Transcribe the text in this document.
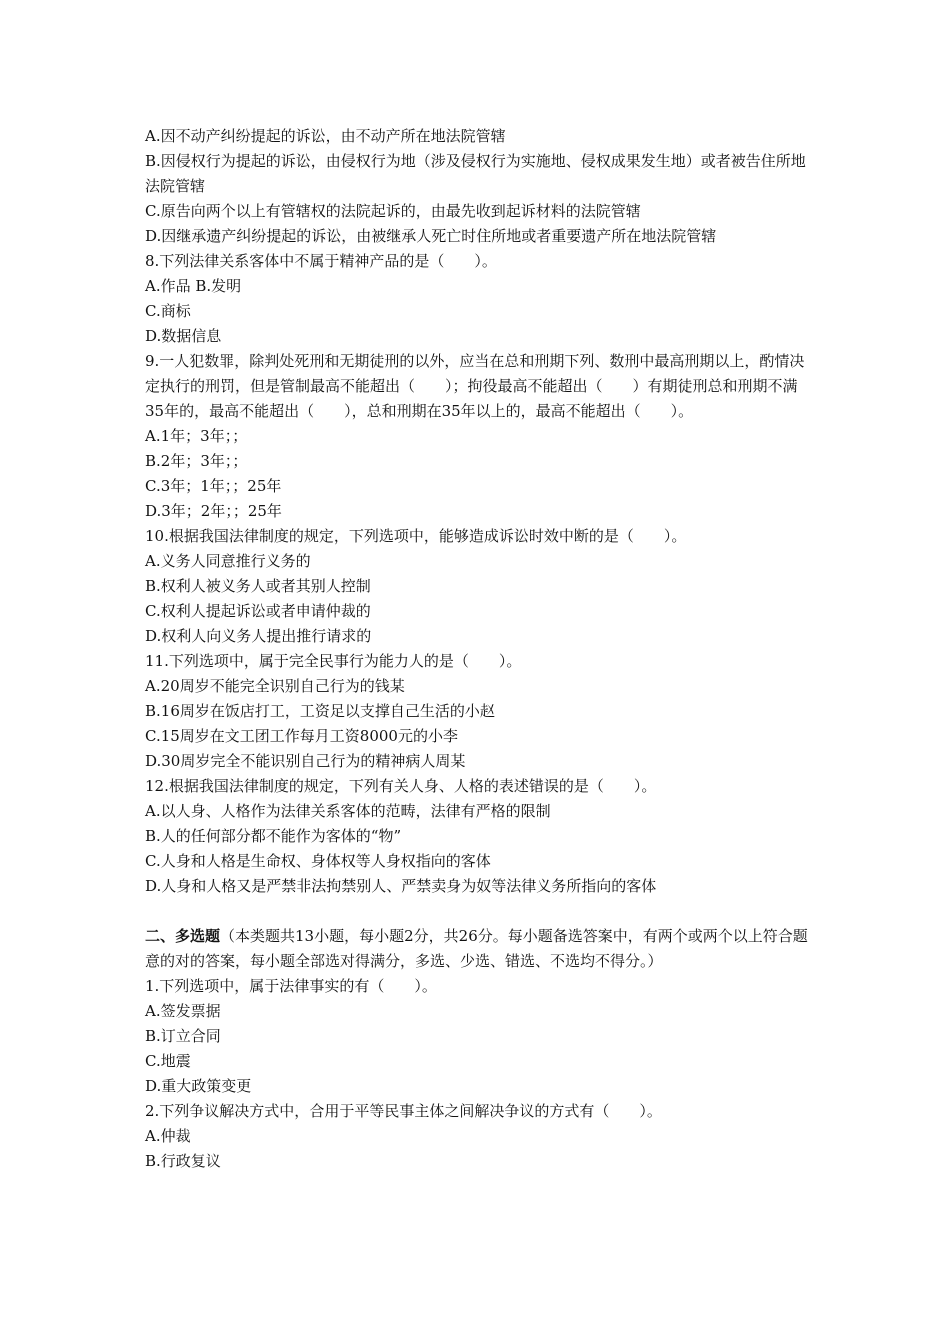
A.因不动产纠纷提起的诉讼，由不动产所在地法院管辖
B.因侵权行为提起的诉讼，由侵权行为地（涉及侵权行为实施地、侵权成果发生地）或者被告住所地法院管辖
C.原告向两个以上有管辖权的法院起诉的，由最先收到起诉材料的法院管辖
D.因继承遗产纠纷提起的诉讼，由被继承人死亡时住所地或者重要遗产所在地法院管辖
8.下列法律关系客体中不属于精神产品的是（　　）。
A.作品 B.发明
C.商标
D.数据信息
9.一人犯数罪，除判处死刑和无期徒刑的以外，应当在总和刑期下列、数刑中最高刑期以上，酌情决定执行的刑罚，但是管制最高不能超出（　　）；拘役最高不能超出（　　）有期徒刑总和刑期不满35年的，最高不能超出（　　），总和刑期在35年以上的，最高不能超出（　　）。
A.1年；3年；；
B.2年；3年；；
C.3年；1年；；25年
D.3年；2年；；25年
10.根据我国法律制度的规定，下列选项中，能够造成诉讼时效中断的是（　　）。
A.义务人同意推行义务的
B.权利人被义务人或者其别人控制
C.权利人提起诉讼或者申请仲裁的
D.权利人向义务人提出推行请求的
11.下列选项中，属于完全民事行为能力人的是（　　）。
A.20周岁不能完全识别自己行为的钱某
B.16周岁在饭店打工，工资足以支撑自己生活的小赵
C.15周岁在文工团工作每月工资8000元的小李
D.30周岁完全不能识别自己行为的精神病人周某
12.根据我国法律制度的规定，下列有关人身、人格的表述错误的是（　　）。
A.以人身、人格作为法律关系客体的范畴，法律有严格的限制
B.人的任何部分都不能作为客体的“物”
C.人身和人格是生命权、身体权等人身权指向的客体
D.人身和人格又是严禁非法拘禁别人、严禁卖身为奴等法律义务所指向的客体
二、多选题（本类题共13小题，每小题2分，共26分。每小题备选答案中，有两个或两个以上符合题意的对的答案，每小题全部选对得满分，多选、少选、错选、不选均不得分。）
1.下列选项中，属于法律事实的有（　　）。
A.签发票据
B.订立合同
C.地震
D.重大政策变更
2.下列争议解决方式中，合用于平等民事主体之间解决争议的方式有（　　）。
A.仲裁
B.行政复议
